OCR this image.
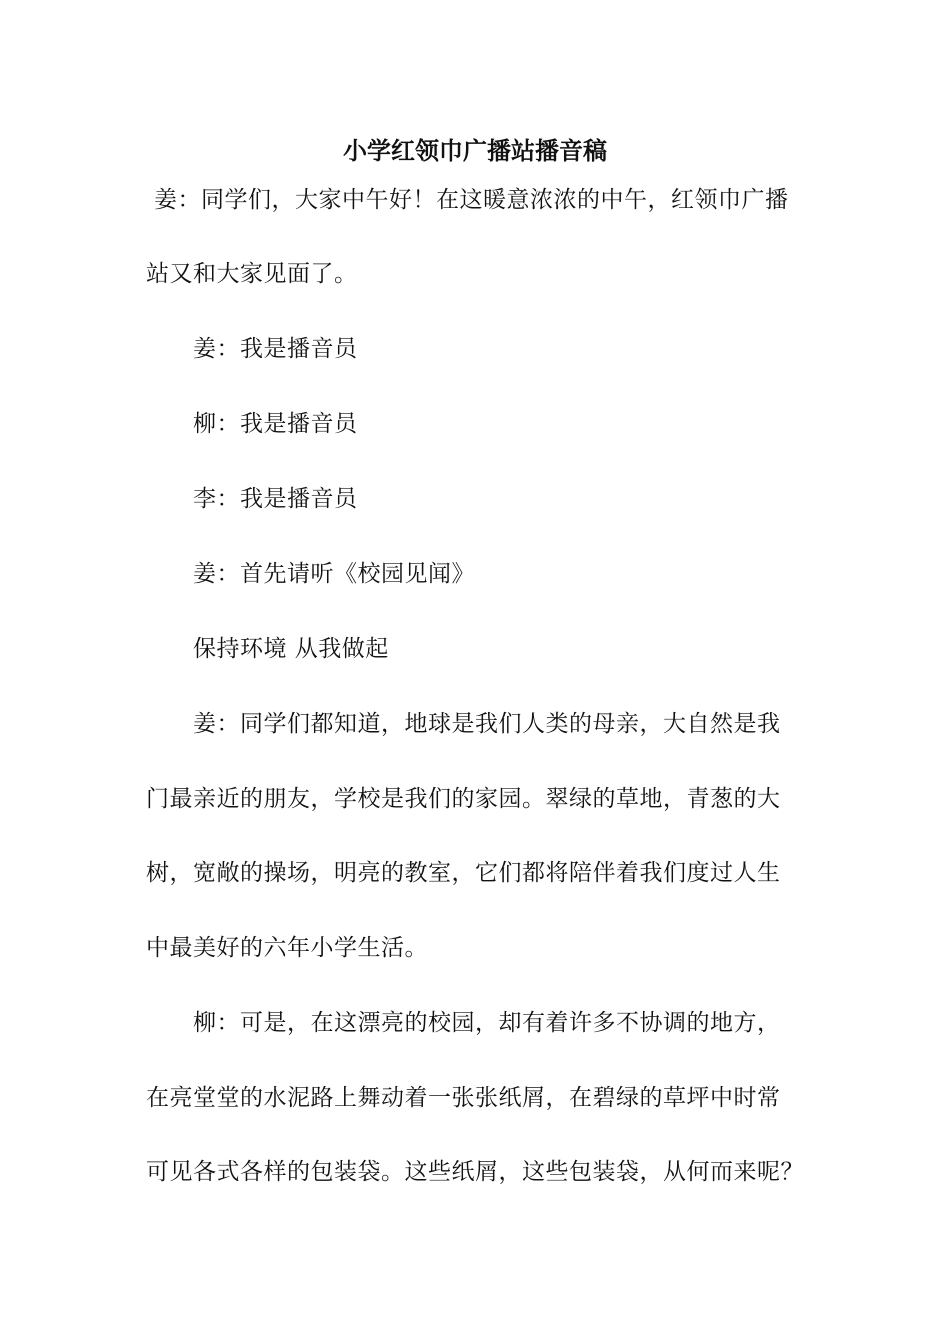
小学红领巾广播站播音稿
姜：同学们，大家中午好！在这暖意浓浓的中午，红领巾广播
站又和大家见面了。
姜：我是播音员
柳：我是播音员
李：我是播音员
姜：首先请听《校园见闻》
保持环境 从我做起
姜：同学们都知道，地球是我们人类的母亲，大自然是我
门最亲近的朋友，学校是我们的家园。翠绿的草地，青葱的大
树，宽敞的操场，明亮的教室，它们都将陪伴着我们度过人生
中最美好的六年小学生活。
柳：可是，在这漂亮的校园，却有着许多不协调的地方，
在亮堂堂的水泥路上舞动着一张张纸屑，在碧绿的草坪中时常
可见各式各样的包装袋。这些纸屑，这些包装袋，从何而来呢？
